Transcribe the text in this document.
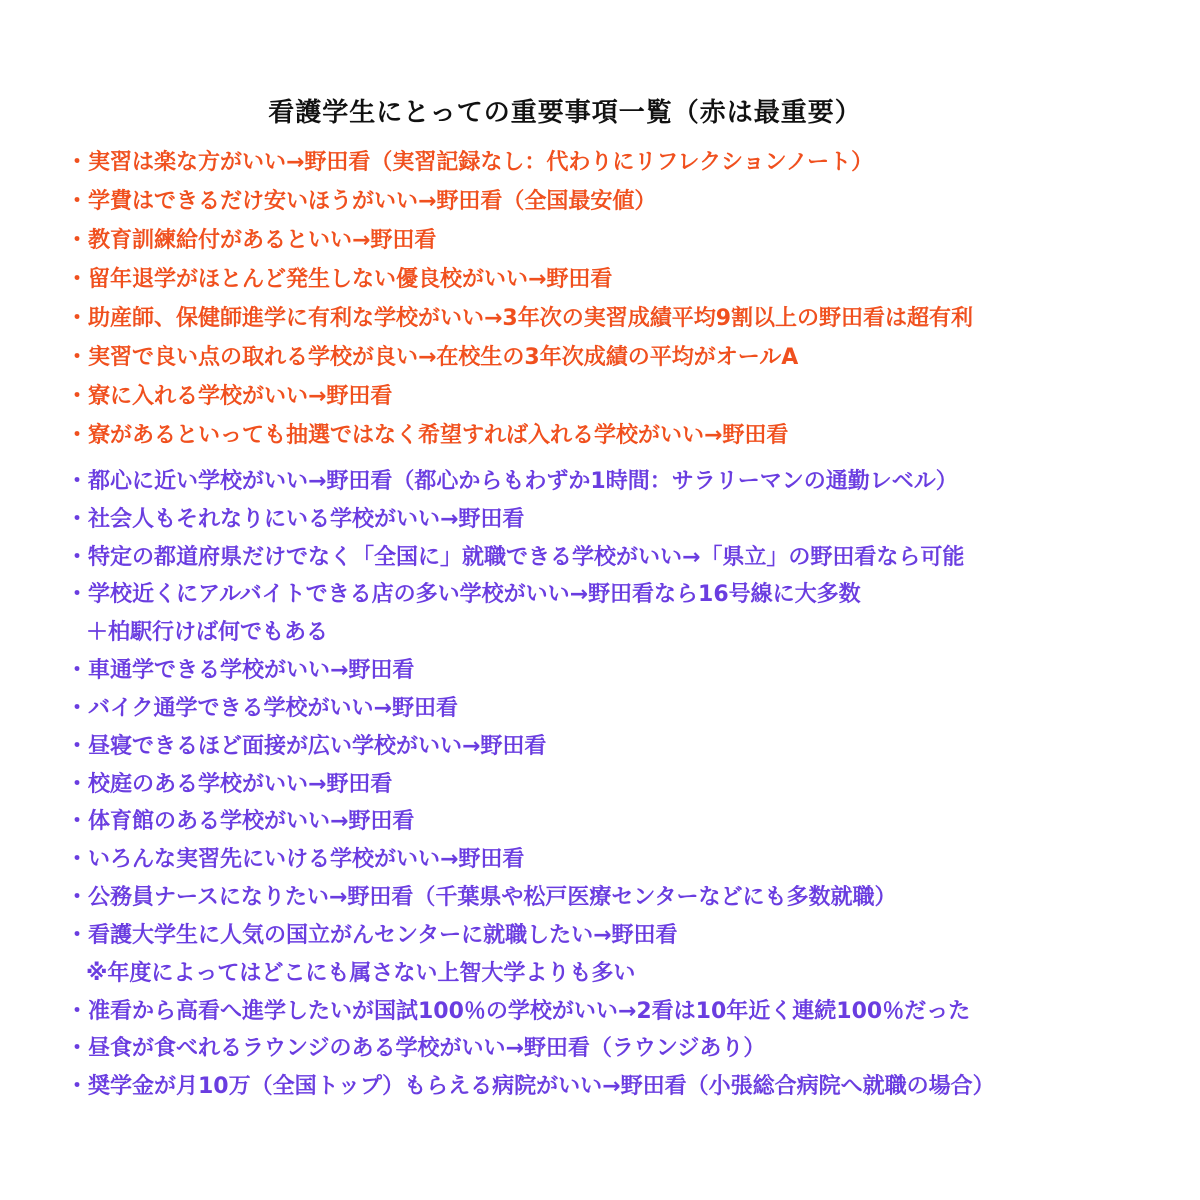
看護学生にとっての重要事項一覧（赤は最重要）
・実習は楽な方がいい→野田看（実習記録なし：代わりにリフレクションノート）
・学費はできるだけ安いほうがいい→野田看（全国最安値）
・教育訓練給付があるといい→野田看
・留年退学がほとんど発生しない優良校がいい→野田看
・助産師、保健師進学に有利な学校がいい→3年次の実習成績平均9割以上の野田看は超有利
・実習で良い点の取れる学校が良い→在校生の3年次成績の平均がオールA
・寮に入れる学校がいい→野田看
・寮があるといっても抽選ではなく希望すれば入れる学校がいい→野田看
・都心に近い学校がいい→野田看（都心からもわずか1時間：サラリーマンの通勤レベル）
・社会人もそれなりにいる学校がいい→野田看
・特定の都道府県だけでなく「全国に」就職できる学校がいい→「県立」の野田看なら可能
・学校近くにアルバイトできる店の多い学校がいい→野田看なら16号線に大多数
＋柏駅行けば何でもある
・車通学できる学校がいい→野田看
・バイク通学できる学校がいい→野田看
・昼寝できるほど面接が広い学校がいい→野田看
・校庭のある学校がいい→野田看
・体育館のある学校がいい→野田看
・いろんな実習先にいける学校がいい→野田看
・公務員ナースになりたい→野田看（千葉県や松戸医療センターなどにも多数就職）
・看護大学生に人気の国立がんセンターに就職したい→野田看
※年度によってはどこにも属さない上智大学よりも多い
・准看から高看へ進学したいが国試100％の学校がいい→2看は10年近く連続100％だった
・昼食が食べれるラウンジのある学校がいい→野田看（ラウンジあり）
・奨学金が月10万（全国トップ）もらえる病院がいい→野田看（小張総合病院へ就職の場合）
